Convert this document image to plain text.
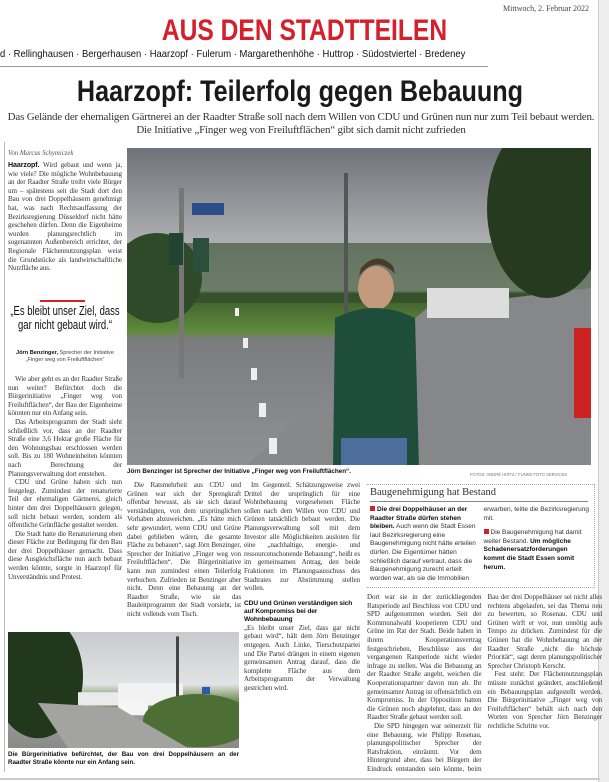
Mittwoch, 2. Februar 2022
AUS DEN STADTTEILEN
d · Rellinghausen · Bergerhausen · Haarzopf · Fulerum · Margarethenhöhe · Huttrop · Südostviertel · Bredeney
Haarzopf: Teilerfolg gegen Bebauung
Das Gelände der ehemaligen Gärtnerei an der Raadter Straße soll nach dem Willen von CDU und Grünen nun nur zum Teil bebaut werden. Die Initiative „Finger weg von Freiluftflächen“ gibt sich damit nicht zufrieden
Die Bürgerinitiative befürchtet, der Bau von drei Doppelhäusern an der Raadter Straße könnte nur ein Anfang sein.
Von Marcus Schymiczek

Haarzopf. Wird gebaut und wenn ja, wie viele? Die mögliche Wohnbebauung an der Raadter Straße treibt viele Bürger um – spätestens seit die Stadt dort den Bau von drei Doppelhäusern genehmigt hat, was nach Rechtsauffassung der Bezirksregierung Düsseldorf nicht hätte geschehen dürfen. Denn die Eigenheime wurden planungsrechtlich im sogenannten Außenbereich errichtet, der Regionale Flächennutzungsplan weist die Grundstücke als landwirtschaftliche Nutzfläche aus.

„Es bleibt unser Ziel, dass gar nicht gebaut wird.“
Jörn Benzinger, Sprecher der Initiative „Finger weg von Freiluftflächen“

Wie aber geht es an der Raadter Straße nun weiter? Befürchtet doch die Bürgerinitiative „Finger weg von Freiluftflächen“, der Bau der Eigenheime könnten nur ein Anfang sein.

Das Arbeitsprogramm der Stadt sieht schließlich vor, dass an der Raadter Straße eine 3,6 Hektar große Fläche für den Wohnungsbau erschlossen werden soll. Bis zu 180 Wohneinheiten könnten nach Berechnung der Planungsverwaltung dort entstehen.

CDU und Grüne haben sich nun festgelegt. Zumindest der renaturierte Teil der ehemaligen Gärtnerei, gleich hinter den drei Doppelhäusern gelegen, soll nicht bebaut werden, sondern als öffentliche Grünfläche gestaltet werden.

Die Stadt hatte die Renaturierung eben dieser Fläche zur Bedingung für den Bau der drei Doppelhäuser gemacht. Dass diese Ausgleichsfläche nun auch bebaut werden könnte, sorgte in Haarzopf für Unverständnis und Protest.

Jörn Benzinger ist Sprecher der Initiative „Finger weg von Freiluftflächen“.	FOTOS: ANDRÉ HIRTZ / FUNKE FOTO SERVICES

Die Ratsmehrheit aus CDU und Grünen war sich der Sprengkraft offenbar bewusst, als sie sich darauf verständigten, von dem ursprünglichen Vorhaben abzuweichen. „Es hätte mich sehr gewundert, wenn CDU und Grüne dabei geblieben wären, die gesamte Fläche zu bebauen“, sagt Jörn Benzinger, Sprecher der Initiative „Finger weg von Freiluftflächen“. Die Bürgerinitiative kann nun zumindest einen Teilerfolg verbuchen. Zufrieden ist Benzinger aber nicht. Denn eine Bebauung an der Raadter Straße, wie sie das Bauleitprogramm der Stadt vorsieht, ist nicht vollends vom Tisch.

Im Gegenteil. Schätzungsweise zwei Drittel der ursprünglich für eine Wohnbebauung vorgesehenen Fläche sollen nach dem Willen von CDU und Grünen tatsächlich bebaut werden. Die Planungsverwaltung soll mit dem Investor alle Möglichkeiten ausloten für eine „nachhaltige, energie- und ressourcenschonende Bebauung“, heißt es im gemeinsamen Antrag, den beide Fraktionen im Planungsausschuss des Stadtrates zur Abstimmung stellen wollen.

CDU und Grünen verständigen sich auf Kompromiss bei der Wohnbebauung

„Es bleibt unser Ziel, dass gar nicht gebaut wird“, hält dem Jörn Benzinger entgegen. Auch Linke, Tierschutzpartei und Die Partei drängen in einem eigenen gemeinsamen Antrag darauf, dass die komplette Fläche aus dem Arbeitsprogramm der Verwaltung gestrichen wird.

Baugenehmigung hat Bestand
Die drei Doppelhäuser an der Raadter Straße dürfen stehen bleiben. Auch wenn die Stadt Essen laut Bezirksregierung eine Baugenehmigung nicht hätte erteilen dürfen. Die Eigentümer hätten schließlich darauf vertraut, dass die Baugenehmigung zurecht erteilt worden war, als sie die Immobilien erwarben, teilte die Bezirksregierung mit.
Die Baugenehmigung hat damit weiter Bestand. Um mögliche Schadenersatzforderungen kommt die Stadt Essen somit herum.

Dort war sie in der zurückliegenden Ratsperiode auf Beschluss von CDU und SPD aufgenommen worden. Seit der Kommunalwahl kooperieren CDU und Grüne im Rat der Stadt. Beide haben in ihrem Kooperationsvertrag festgeschrieben, Beschlüsse aus der vergangenen Ratsperiode nicht wieder infrage zu stellen. Was die Bebauung an der Raadter Straße angeht, weichen die Kooperationspartner davon nun ab. Ihr gemeinsamer Antrag ist offensichtlich ein Kompromiss. In der Opposition hatten die Grünen noch abgelehnt, dass an der Raadter Straße gebaut werden soll.

Die SPD hingegen war seinerzeit für eine Bebauung, wie Philipp Rosenau, planungspolitischer Sprecher der Ratsfraktion, einräumt. Vor dem Hintergrund aber, dass bei Bürgern der Eindruck entstanden sein könnte, beim Bau der drei Doppelhäuser sei nicht alles rechtens abgelaufen, sei das Thema neu zu bewerten, so Rosenau. CDU und Grünen wirft er vor, nun unnötig aufs Tempo zu drücken. Zumindest für die Grünen hat die Wohnbebauung an der Raadter Straße „nicht die höchste Priorität“, sagt deren planungspolitischer Sprecher Christoph Kerscht.

Fest steht: Der Flächennutzungsplan müsste zunächst geändert, anschließend ein Bebauungsplan aufgestellt werden. Die Bürgerinitiative „Finger weg von Freiluftflächen“ behält sich nach den Worten von Sprecher Jörn Benzinger rechtliche Schritte vor.
